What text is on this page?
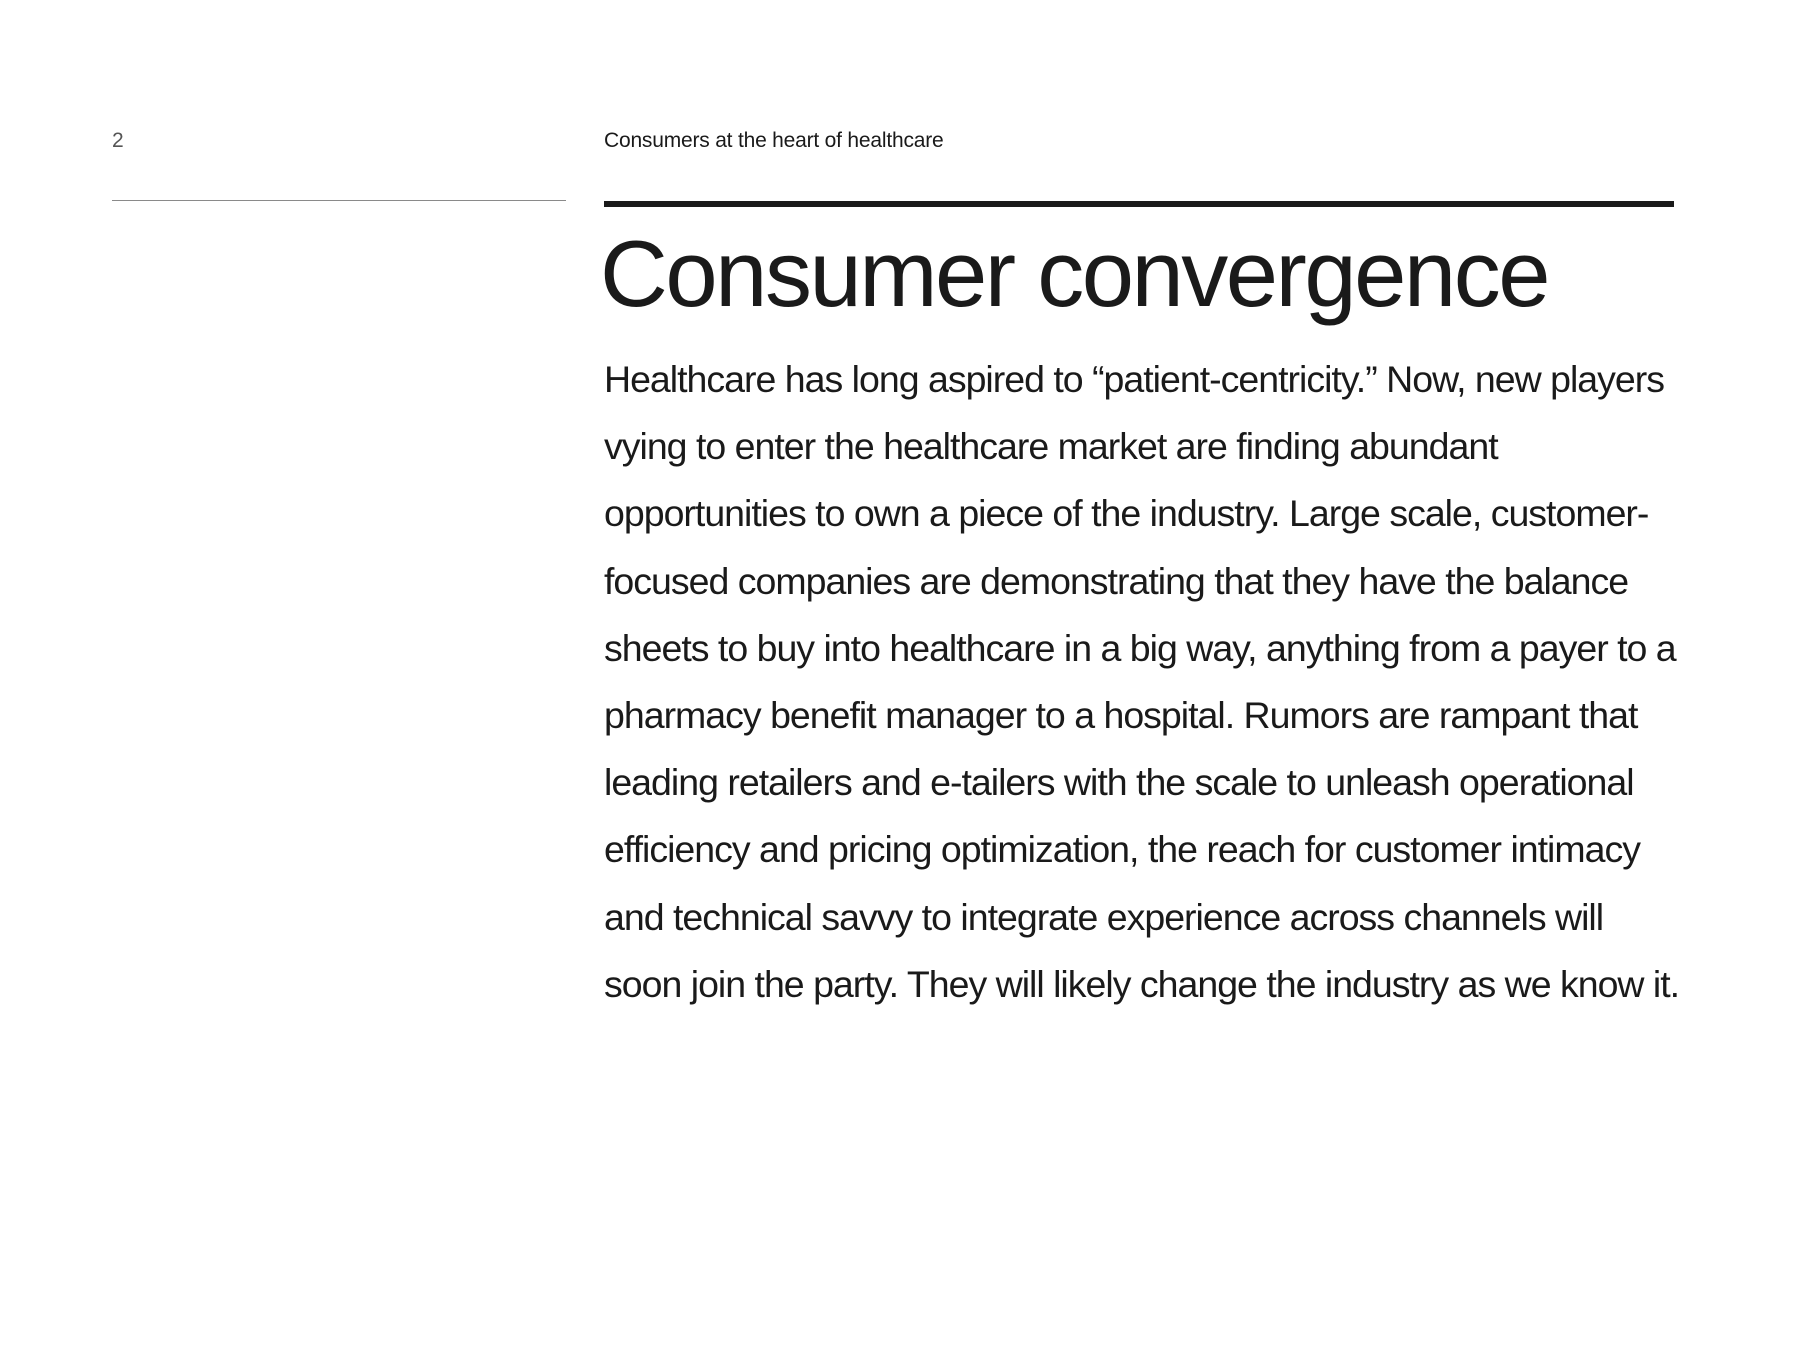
2	Consumers at the heart of healthcare
Consumer convergence

Healthcare has long aspired to “patient-centricity.” Now, new players vying to enter the healthcare market are finding abundant opportunities to own a piece of the industry. Large scale, customer-focused companies are demonstrating that they have the balance sheets to buy into healthcare in a big way, anything from a payer to a pharmacy benefit manager to a hospital. Rumors are rampant that leading retailers and e-tailers with the scale to unleash operational efficiency and pricing optimization, the reach for customer intimacy and technical savvy to integrate experience across channels will soon join the party. They will likely change the industry as we know it.
